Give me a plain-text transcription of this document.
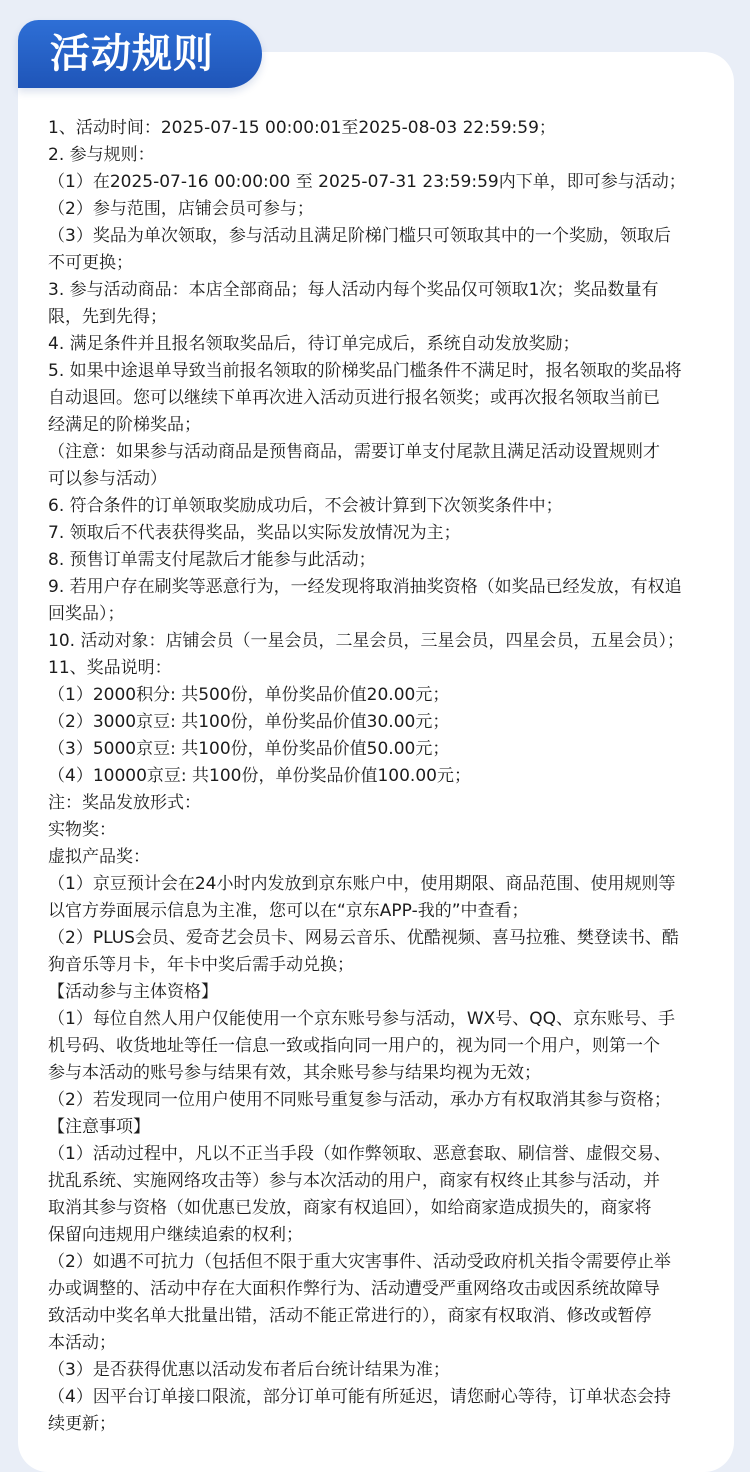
活动规则
1、活动时间：2025-07-15 00:00:01至2025-08-03 22:59:59；
2. 参与规则：
（1）在2025-07-16 00:00:00 至 2025-07-31 23:59:59内下单，即可参与活动；
（2）参与范围，店铺会员可参与；
（3）奖品为单次领取，参与活动且满足阶梯门槛只可领取其中的一个奖励，领取后
不可更换；
3. 参与活动商品：本店全部商品；每人活动内每个奖品仅可领取1次；奖品数量有
限，先到先得；
4. 满足条件并且报名领取奖品后，待订单完成后，系统自动发放奖励；
5. 如果中途退单导致当前报名领取的阶梯奖品门槛条件不满足时，报名领取的奖品将
自动退回。您可以继续下单再次进入活动页进行报名领奖；或再次报名领取当前已
经满足的阶梯奖品；
（注意：如果参与活动商品是预售商品，需要订单支付尾款且满足活动设置规则才
可以参与活动）
6. 符合条件的订单领取奖励成功后，不会被计算到下次领奖条件中；
7. 领取后不代表获得奖品，奖品以实际发放情况为主；
8. 预售订单需支付尾款后才能参与此活动；
9. 若用户存在刷奖等恶意行为，一经发现将取消抽奖资格（如奖品已经发放，有权追
回奖品）；
10. 活动对象：店铺会员（一星会员，二星会员，三星会员，四星会员，五星会员）；
11、奖品说明：
（1）2000积分: 共500份，单份奖品价值20.00元；
（2）3000京豆: 共100份，单份奖品价值30.00元；
（3）5000京豆: 共100份，单份奖品价值50.00元；
（4）10000京豆: 共100份，单份奖品价值100.00元；
注：奖品发放形式：
实物奖：
虚拟产品奖：
（1）京豆预计会在24小时内发放到京东账户中，使用期限、商品范围、使用规则等
以官方券面展示信息为主准，您可以在“京东APP-我的”中查看；
（2）PLUS会员、爱奇艺会员卡、网易云音乐、优酷视频、喜马拉雅、樊登读书、酷
狗音乐等月卡，年卡中奖后需手动兑换；
【活动参与主体资格】
（1）每位自然人用户仅能使用一个京东账号参与活动，WX号、QQ、京东账号、手
机号码、收货地址等任一信息一致或指向同一用户的，视为同一个用户，则第一个
参与本活动的账号参与结果有效，其余账号参与结果均视为无效；
（2）若发现同一位用户使用不同账号重复参与活动，承办方有权取消其参与资格；
【注意事项】
（1）活动过程中，凡以不正当手段（如作弊领取、恶意套取、刷信誉、虚假交易、
扰乱系统、实施网络攻击等）参与本次活动的用户，商家有权终止其参与活动，并
取消其参与资格（如优惠已发放，商家有权追回），如给商家造成损失的，商家将
保留向违规用户继续追索的权利；
（2）如遇不可抗力（包括但不限于重大灾害事件、活动受政府机关指令需要停止举
办或调整的、活动中存在大面积作弊行为、活动遭受严重网络攻击或因系统故障导
致活动中奖名单大批量出错，活动不能正常进行的），商家有权取消、修改或暂停
本活动；
（3）是否获得优惠以活动发布者后台统计结果为准；
（4）因平台订单接口限流，部分订单可能有所延迟，请您耐心等待，订单状态会持
续更新；
